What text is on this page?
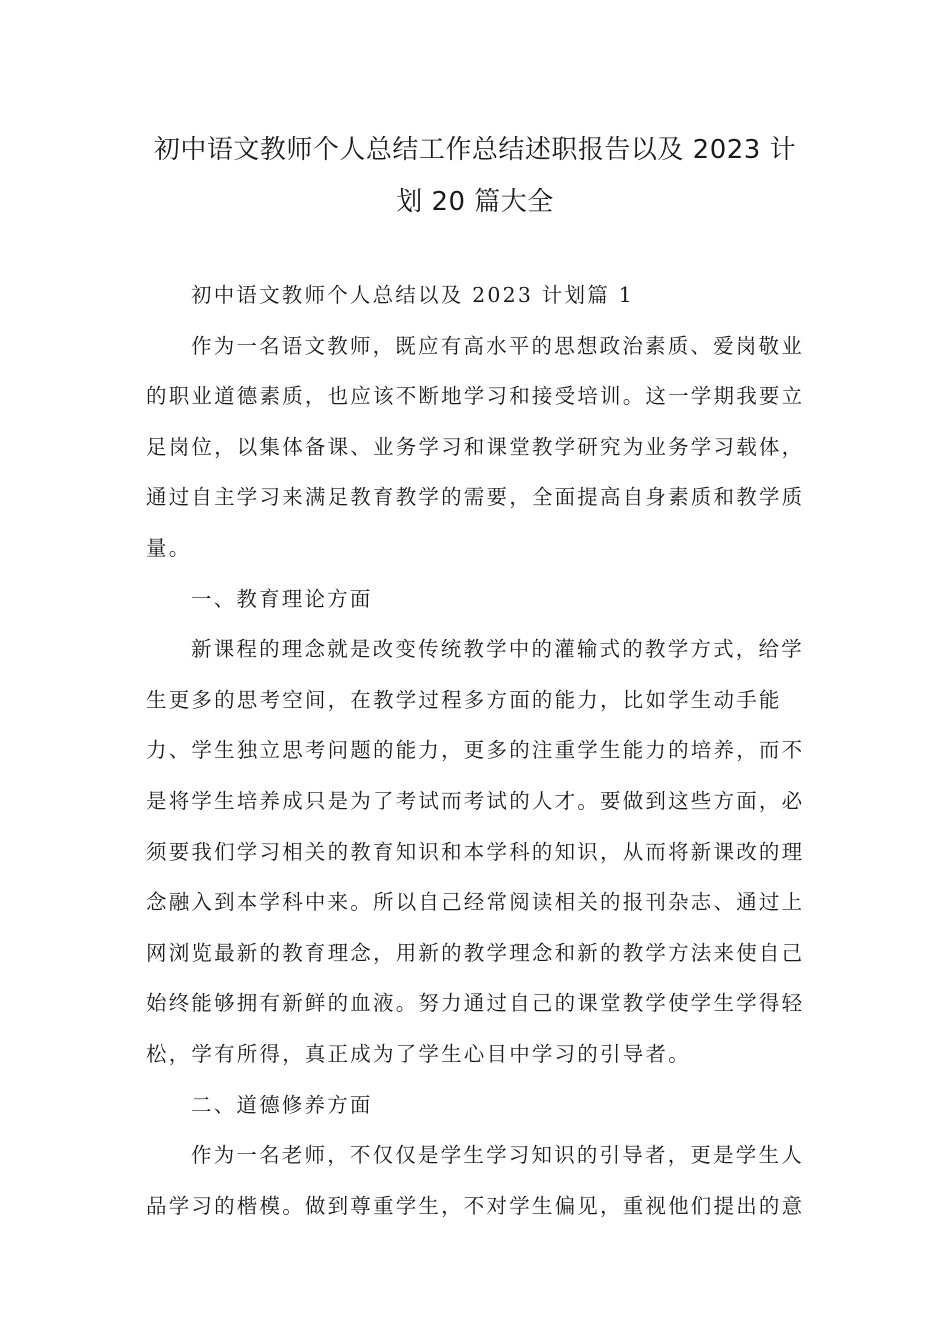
初中语文教师个人总结工作总结述职报告以及 2023 计
划 20 篇大全
初中语文教师个人总结以及 2023 计划篇 1
作为一名语文教师，既应有高水平的思想政治素质、爱岗敬业
的职业道德素质，也应该不断地学习和接受培训。这一学期我要立
足岗位，以集体备课、业务学习和课堂教学研究为业务学习载体，
通过自主学习来满足教育教学的需要，全面提高自身素质和教学质
量。
一、教育理论方面
新课程的理念就是改变传统教学中的灌输式的教学方式，给学
生更多的思考空间，在教学过程多方面的能力，比如学生动手能
力、学生独立思考问题的能力，更多的注重学生能力的培养，而不
是将学生培养成只是为了考试而考试的人才。要做到这些方面，必
须要我们学习相关的教育知识和本学科的知识，从而将新课改的理
念融入到本学科中来。所以自己经常阅读相关的报刊杂志、通过上
网浏览最新的教育理念，用新的教学理念和新的教学方法来使自己
始终能够拥有新鲜的血液。努力通过自己的课堂教学使学生学得轻
松，学有所得，真正成为了学生心目中学习的引导者。
二、道德修养方面
作为一名老师，不仅仅是学生学习知识的引导者，更是学生人
品学习的楷模。做到尊重学生，不对学生偏见，重视他们提出的意
